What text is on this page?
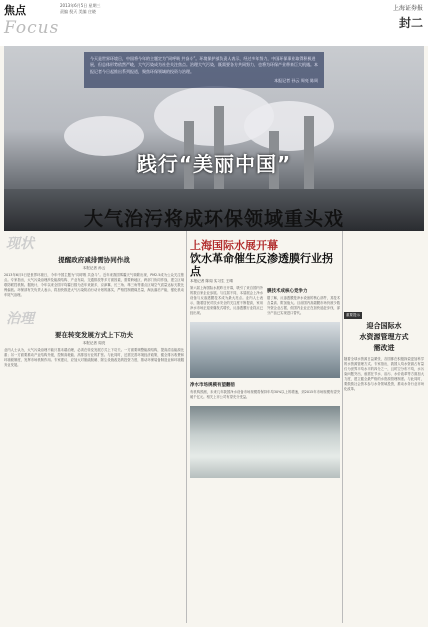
焦点
Focus
2013年6月5日 星期三
责编 倪天 美编 庄晓	上海证券报
封二
今天是世界环境日，中国将今年的主题定为“同呼吸 共奋斗”。环境保护部负责人表示，经过多年努力，中国环保事业取得积极进展，但总体形势依然严峻，大气污染成为社会关注焦点。治理大气污染，既需要各方共同努力，也将为环保产业带来巨大机遇。本报记者今日起推出系列报道，聚焦环保领域的投资与治理。
本报记者 孙云 周亮 陈周
践行“美丽中国”
大气治污将成环保领域重头戏
现状
提醒政府减排需协同作战
本报记者 孙云
2013年6月5日是世界环境日，今年中国主题为“同呼吸 共奋斗”。近年来我国雾霾天气频繁出现，PM2.5成为公众关注焦点。专家指出，大气污染治理涉及能源结构、产业布局、交通排放等多方面因素，需要跨地区、跨部门协同作战，建立区域联防联控机制。据统计，今年以来全国平均霾日数为近年来最多，京津冀、长三角、珠三角等重点区域空气质量达标天数比例偏低。环保部有关负责人表示，将加快推进大气污染防治行动计划的落实，严格控制燃煤总量，淘汰落后产能，强化机动车尾气治理。
治理
要在转变发展方式上下功夫
本报记者 周亮
业内人士认为，大气污染治理不能只靠末端治理，必须在转变发展方式上下功夫。一方面要调整能源结构，提高清洁能源比重；另一方面要推动产业结构升级，控制高耗能、高排放行业的扩张。与此同时，还需完善环境经济政策，健全排污收费和环境税制度，发挥市场机制作用。专家建议，应加大对脱硫脱硝、除尘设施改造的投资力度，推动环保装备制造业和环境服务业发展。
上海国际水展开幕
饮水革命催生反渗透膜行业拐点
本报记者 陈周 实习生 王晴
第六届上海国际水展昨日开幕，吸引了来自国内外的数百家企业参展。与往届不同，本届展会上净水设备与反渗透膜技术成为最大亮点。业内人士表示，随着居民对饮水安全的关注度不断提高，家用净水市场正迎来爆发式增长，反渗透膜行业拐点已经出现。
膜技术成核心竞争力
据了解，反渗透膜是净水设备的核心部件，其技术含量高、附加值大。目前国内高端膜市场仍被少数外资企业占据，但国内企业正在加快追赶步伐，部分产品已实现进口替代。
净水市场规模有望翻倍
有机构预测，未来几年我国净水设备市场规模将保持年均30%以上的增速，到2015年市场规模有望突破千亿元。相关上市公司有望充分受益。
重要提示
迎合国际水
水资源管理方式
需改进
随着全球水资源日益紧张，各国都在积极探索更加科学的水资源管理方式。专家指出，我国人均水资源占有量仅为世界平均水平的四分之一，且时空分布不均，水污染问题突出，亟需在节水、治污、水价改革等方面加大力度，建立健全最严格的水资源管理制度。与此同时，要鼓励社会资本参与水务领域投资，推动水务行业市场化改革。
